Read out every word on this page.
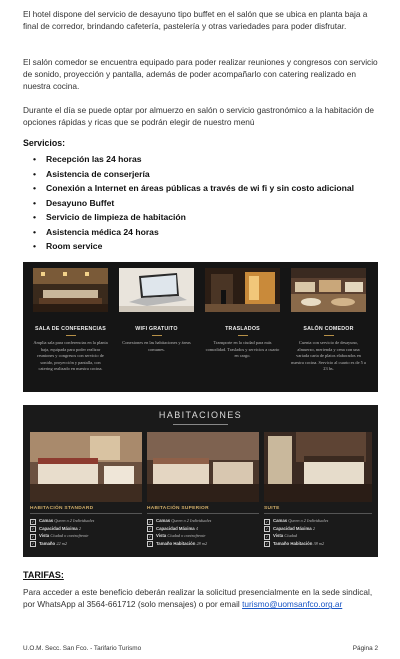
El hotel dispone del servicio de desayuno tipo buffet en el salón que se ubica en planta baja a final de corredor, brindando cafetería, pastelería y otras variedades para poder disfrutar.

El salón comedor se encuentra equipado para poder realizar reuniones y congresos con servicio de sonido, proyección y pantalla, además de poder acompañarlo con catering realizado en nuestra cocina.

Durante el día se puede optar por almuerzo en salón o servicio gastronómico a la habitación de opciones rápidas y ricas que se podrán elegir de nuestro menú

Servicios:

• Recepción las 24 horas
• Asistencia de conserjería
• Conexión a Internet en áreas públicas a través de wi fi y sin costo adicional
• Desayuno Buffet
• Servicio de limpieza de habitación
• Asistencia médica 24 horas
• Room service
SALA DE CONFERENCIAS
Amplia sala para conferencias en la planta baja, equipada para poder realizar reuniones y congresos con servicio de sonido, proyección y pantalla, con catering realizado en nuestra cocina.
WIFI GRATUITO
Conexiones en las habitaciones y áreas comunes.
TRASLADOS
Transporte en la ciudad para más comodidad. Traslados y servicios a cuarto en cargo.
SALÓN COMEDOR
Cuenta con servicio de desayuno, almuerzo, merienda y cena con una variada carta de platos elaborados en nuestra cocina. Servicio al cuarto es de 5 a 23 hs.
HABITACIONES
HABITACIÓN STANDARD
✓ Camas Queen o 2 Individuales
✓ Capacidad Máxima 2
✓ Vista Ciudad o contrafrente
✓ Tamaño 22 m2
HABITACIÓN SUPERIOR
✓ Camas Queen o 2 Individuales
✓ Capacidad Máxima 4
✓ Vista Ciudad o contrafrente
✓ Tamaño Habitación 28 m2
SUITE
✓ Camas Queen o 2 Individuales
✓ Capacidad Máxima 2
✓ Vista Ciudad
✓ Tamaño Habitación 38 m2
TARIFAS:

Para acceder a este beneficio deberán realizar la solicitud presencialmente en la sede sindical, por WhatsApp al 3564-661712 (solo mensajes) o por email turismo@uomsanfco.org.ar

U.O.M. Secc. San Fco. - Tarifario Turismo	Página 2
